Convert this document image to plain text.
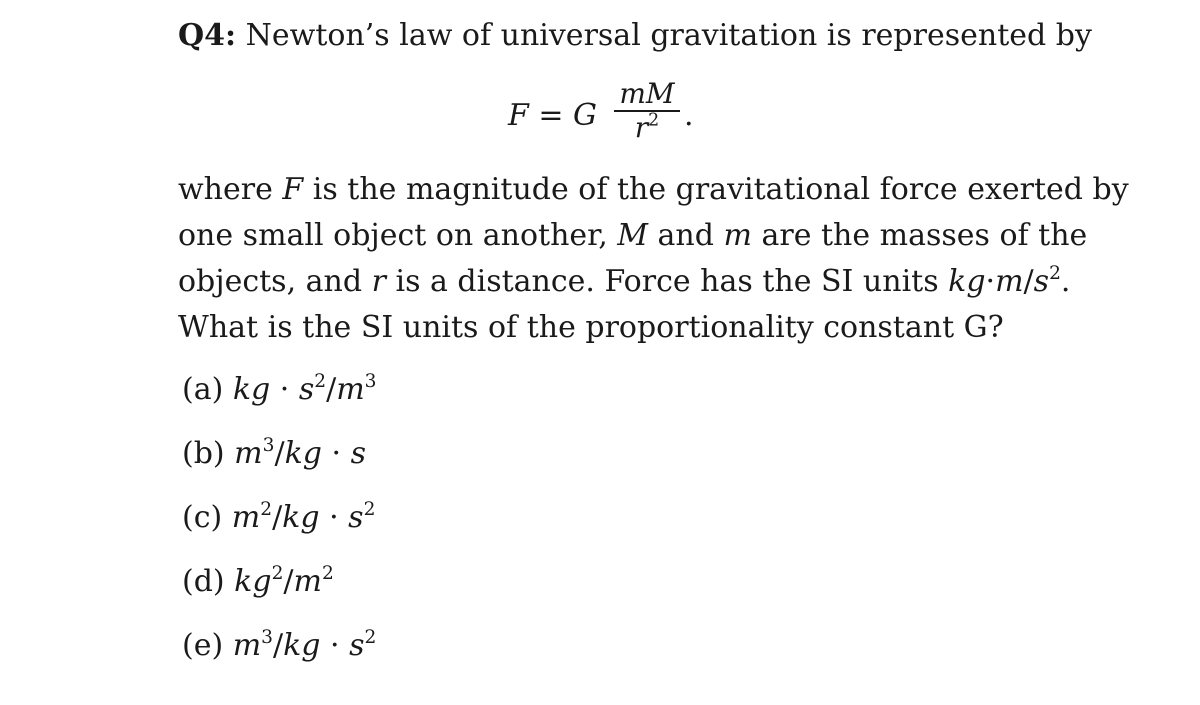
Q4: Newton’s law of universal gravitation is represented by
F = G
mM
$r^2$ .
where F is the magnitude of the gravitational force exerted by
one small object on another, M and m are the masses of the
objects, and r is a distance. Force has the SI units $kg\cdot m/s^2$.
What is the SI units of the proportionality constant G?
(a) kg · $s^2/m^3$
(b) $m^3/kg \cdot s$
(c) $m^2/kg \cdot s^2$
(d) $kg^2/m^2$
(e) $m^3/kg \cdot s^2$
